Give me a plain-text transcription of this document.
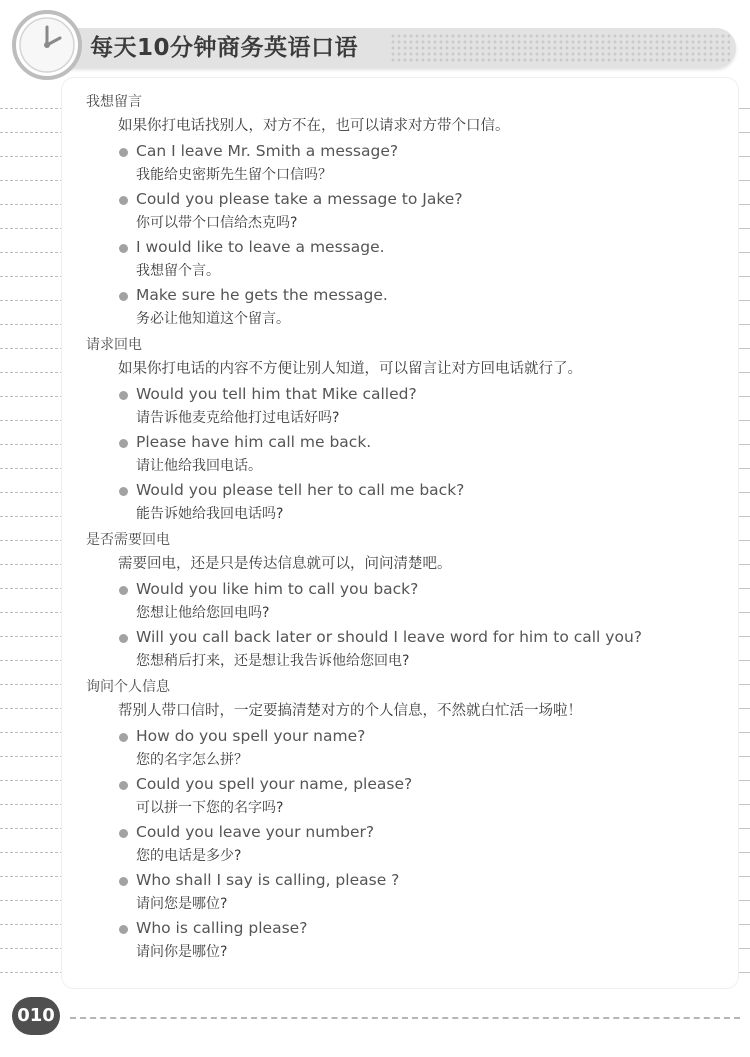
每天10分钟商务英语口语
我想留言
如果你打电话找别人，对方不在，也可以请求对方带个口信。
Can I leave Mr. Smith a message?
我能给史密斯先生留个口信吗？
Could you please take a message to Jake?
你可以带个口信给杰克吗?
I would like to leave a message.
我想留个言。
Make sure he gets the message.
务必让他知道这个留言。
请求回电
如果你打电话的内容不方便让别人知道，可以留言让对方回电话就行了。
Would you tell him that Mike called?
请告诉他麦克给他打过电话好吗?
Please have him call me back.
请让他给我回电话。
Would you please tell her to call me back?
能告诉她给我回电话吗?
是否需要回电
需要回电，还是只是传达信息就可以，问问清楚吧。
Would you like him to call you back?
您想让他给您回电吗?
Will you call back later or should I leave word for him to call you?
您想稍后打来，还是想让我告诉他给您回电?
询问个人信息
帮别人带口信时，一定要搞清楚对方的个人信息，不然就白忙活一场啦！
How do you spell your name?
您的名字怎么拼？
Could you spell your name, please?
可以拼一下您的名字吗?
Could you leave your number?
您的电话是多少?
Who shall I say is calling, please ?
请问您是哪位?
Who is calling please?
请问你是哪位?
010
